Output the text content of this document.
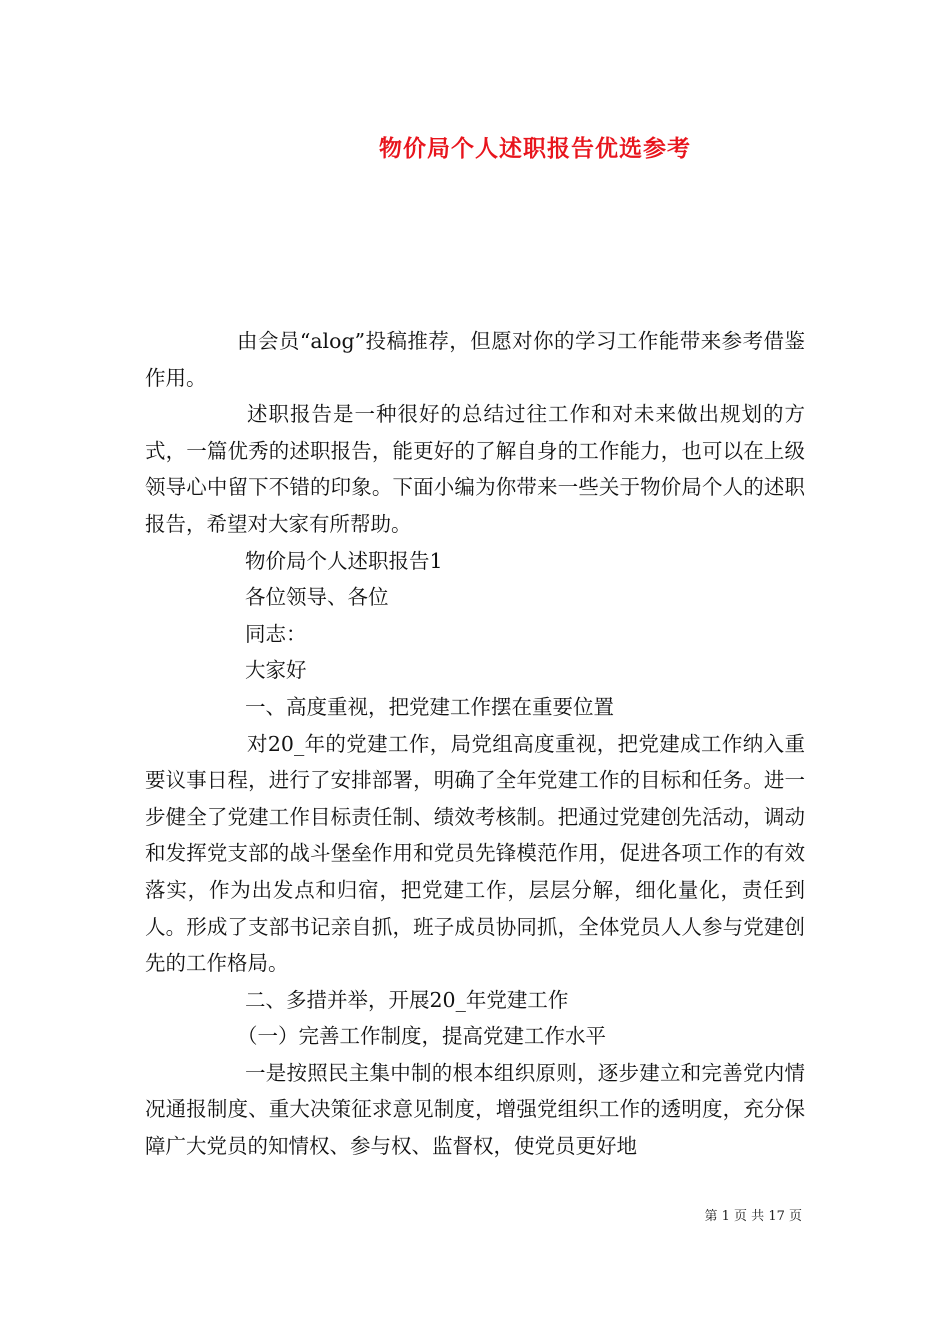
物价局个人述职报告优选参考

由会员“alog”投稿推荐，但愿对你的学习工作能带来参考借鉴作用。

述职报告是一种很好的总结过往工作和对未来做出规划的方式，一篇优秀的述职报告，能更好的了解自身的工作能力，也可以在上级领导心中留下不错的印象。下面小编为你带来一些关于物价局个人的述职报告，希望对大家有所帮助。

物价局个人述职报告1

各位领导、各位

同志：

大家好

一、高度重视，把党建工作摆在重要位置

对20_年的党建工作，局党组高度重视，把党建成工作纳入重要议事日程，进行了安排部署，明确了全年党建工作的目标和任务。进一步健全了党建工作目标责任制、绩效考核制。把通过党建创先活动，调动和发挥党支部的战斗堡垒作用和党员先锋模范作用，促进各项工作的有效落实，作为出发点和归宿，把党建工作，层层分解，细化量化，责任到人。形成了支部书记亲自抓，班子成员协同抓，全体党员人人参与党建创先的工作格局。

二、多措并举，开展20_年党建工作

（一）完善工作制度，提高党建工作水平

一是按照民主集中制的根本组织原则，逐步建立和完善党内情况通报制度、重大决策征求意见制度，增强党组织工作的透明度，充分保障广大党员的知情权、参与权、监督权，使党员更好地

第 1 页 共 17 页
